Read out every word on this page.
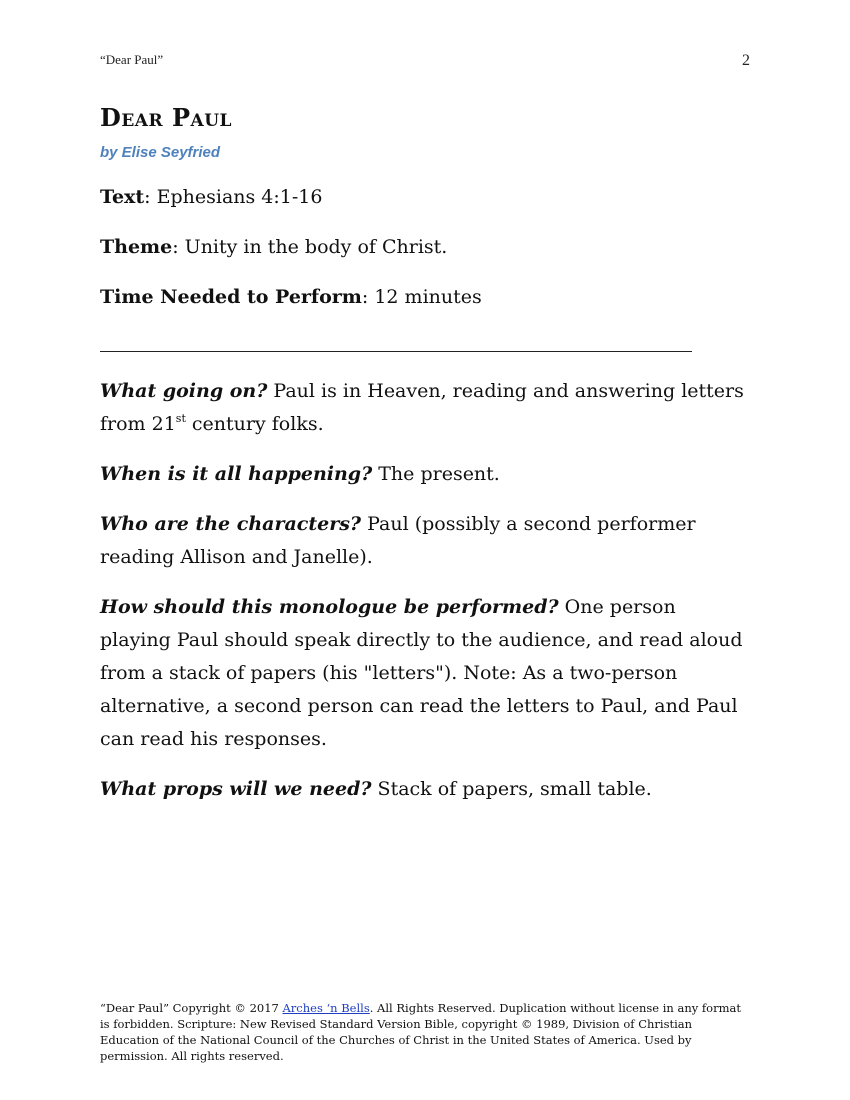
“Dear Paul”	2
Dear Paul
by Elise Seyfried
Text: Ephesians 4:1-16
Theme: Unity in the body of Christ.
Time Needed to Perform: 12 minutes
What going on? Paul is in Heaven, reading and answering letters from 21st century folks.
When is it all happening? The present.
Who are the characters? Paul (possibly a second performer reading Allison and Janelle).
How should this monologue be performed? One person playing Paul should speak directly to the audience, and read aloud from a stack of papers (his "letters"). Note: As a two-person alternative, a second person can read the letters to Paul, and Paul can read his responses.
What props will we need? Stack of papers, small table.
“Dear Paul” Copyright © 2017 Arches ‘n Bells. All Rights Reserved. Duplication without license in any format is forbidden. Scripture: New Revised Standard Version Bible, copyright © 1989, Division of Christian Education of the National Council of the Churches of Christ in the United States of America. Used by permission. All rights reserved.
